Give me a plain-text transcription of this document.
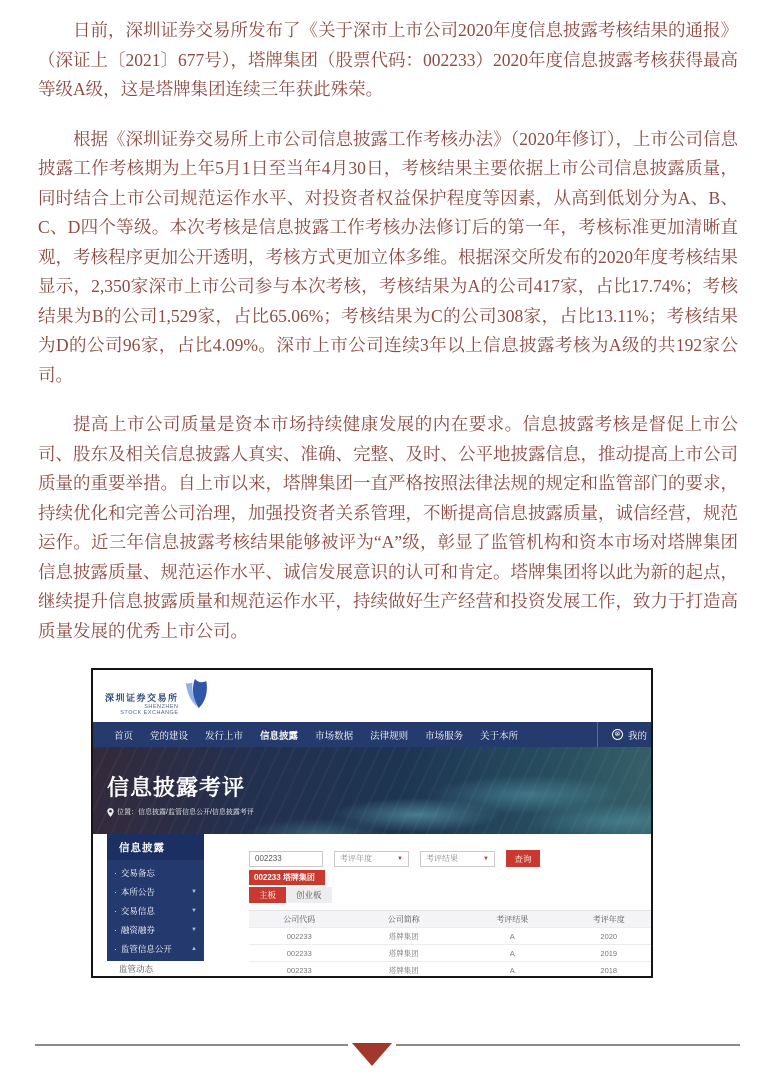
日前，深圳证券交易所发布了《关于深市上市公司2020年度信息披露考核结果的通报》（深证上〔2021〕677号），塔牌集团（股票代码：002233）2020年度信息披露考核获得最高等级A级，这是塔牌集团连续三年获此殊荣。

根据《深圳证券交易所上市公司信息披露工作考核办法》（2020年修订），上市公司信息披露工作考核期为上年5月1日至当年4月30日，考核结果主要依据上市公司信息披露质量，同时结合上市公司规范运作水平、对投资者权益保护程度等因素，从高到低划分为A、B、C、D四个等级。本次考核是信息披露工作考核办法修订后的第一年，考核标准更加清晰直观，考核程序更加公开透明，考核方式更加立体多维。根据深交所发布的2020年度考核结果显示，2,350家深市上市公司参与本次考核，考核结果为A的公司417家，占比17.74%；考核结果为B的公司1,529家，占比65.06%；考核结果为C的公司308家，占比13.11%；考核结果为D的公司96家，占比4.09%。深市上市公司连续3年以上信息披露考核为A级的共192家公司。

提高上市公司质量是资本市场持续健康发展的内在要求。信息披露考核是督促上市公司、股东及相关信息披露人真实、准确、完整、及时、公平地披露信息，推动提高上市公司质量的重要举措。自上市以来，塔牌集团一直严格按照法律法规的规定和监管部门的要求，持续优化和完善公司治理，加强投资者关系管理，不断提高信息披露质量，诚信经营，规范运作。近三年信息披露考核结果能够被评为“A”级，彰显了监管机构和资本市场对塔牌集团信息披露质量、规范运作水平、诚信发展意识的认可和肯定。塔牌集团将以此为新的起点，继续提升信息披露质量和规范运作水平，持续做好生产经营和投资发展工作，致力于打造高质量发展的优秀上市公司。

深圳证券交易所
SHENZHEN
STOCK EXCHANGE
首页 党的建设 发行上市 信息披露 市场数据 法律规则 市场服务 关于本所	⊗ 我的
信息披露考评
位置：信息披露/监管信息公开/信息披露考评
信息披露
· 交易备忘
· 本所公告	▼
· 交易信息	▼
· 融资融券	▼
· 监管信息公开	▲
监管动态
002233
考评年度	▼	考评结果	▼	查询
002233 塔牌集团
主板	创业板
公司代码	公司简称	考评结果	考评年度
002233	塔牌集团	A	2020
002233	塔牌集团	A	2019
002233	塔牌集团	A	2018
